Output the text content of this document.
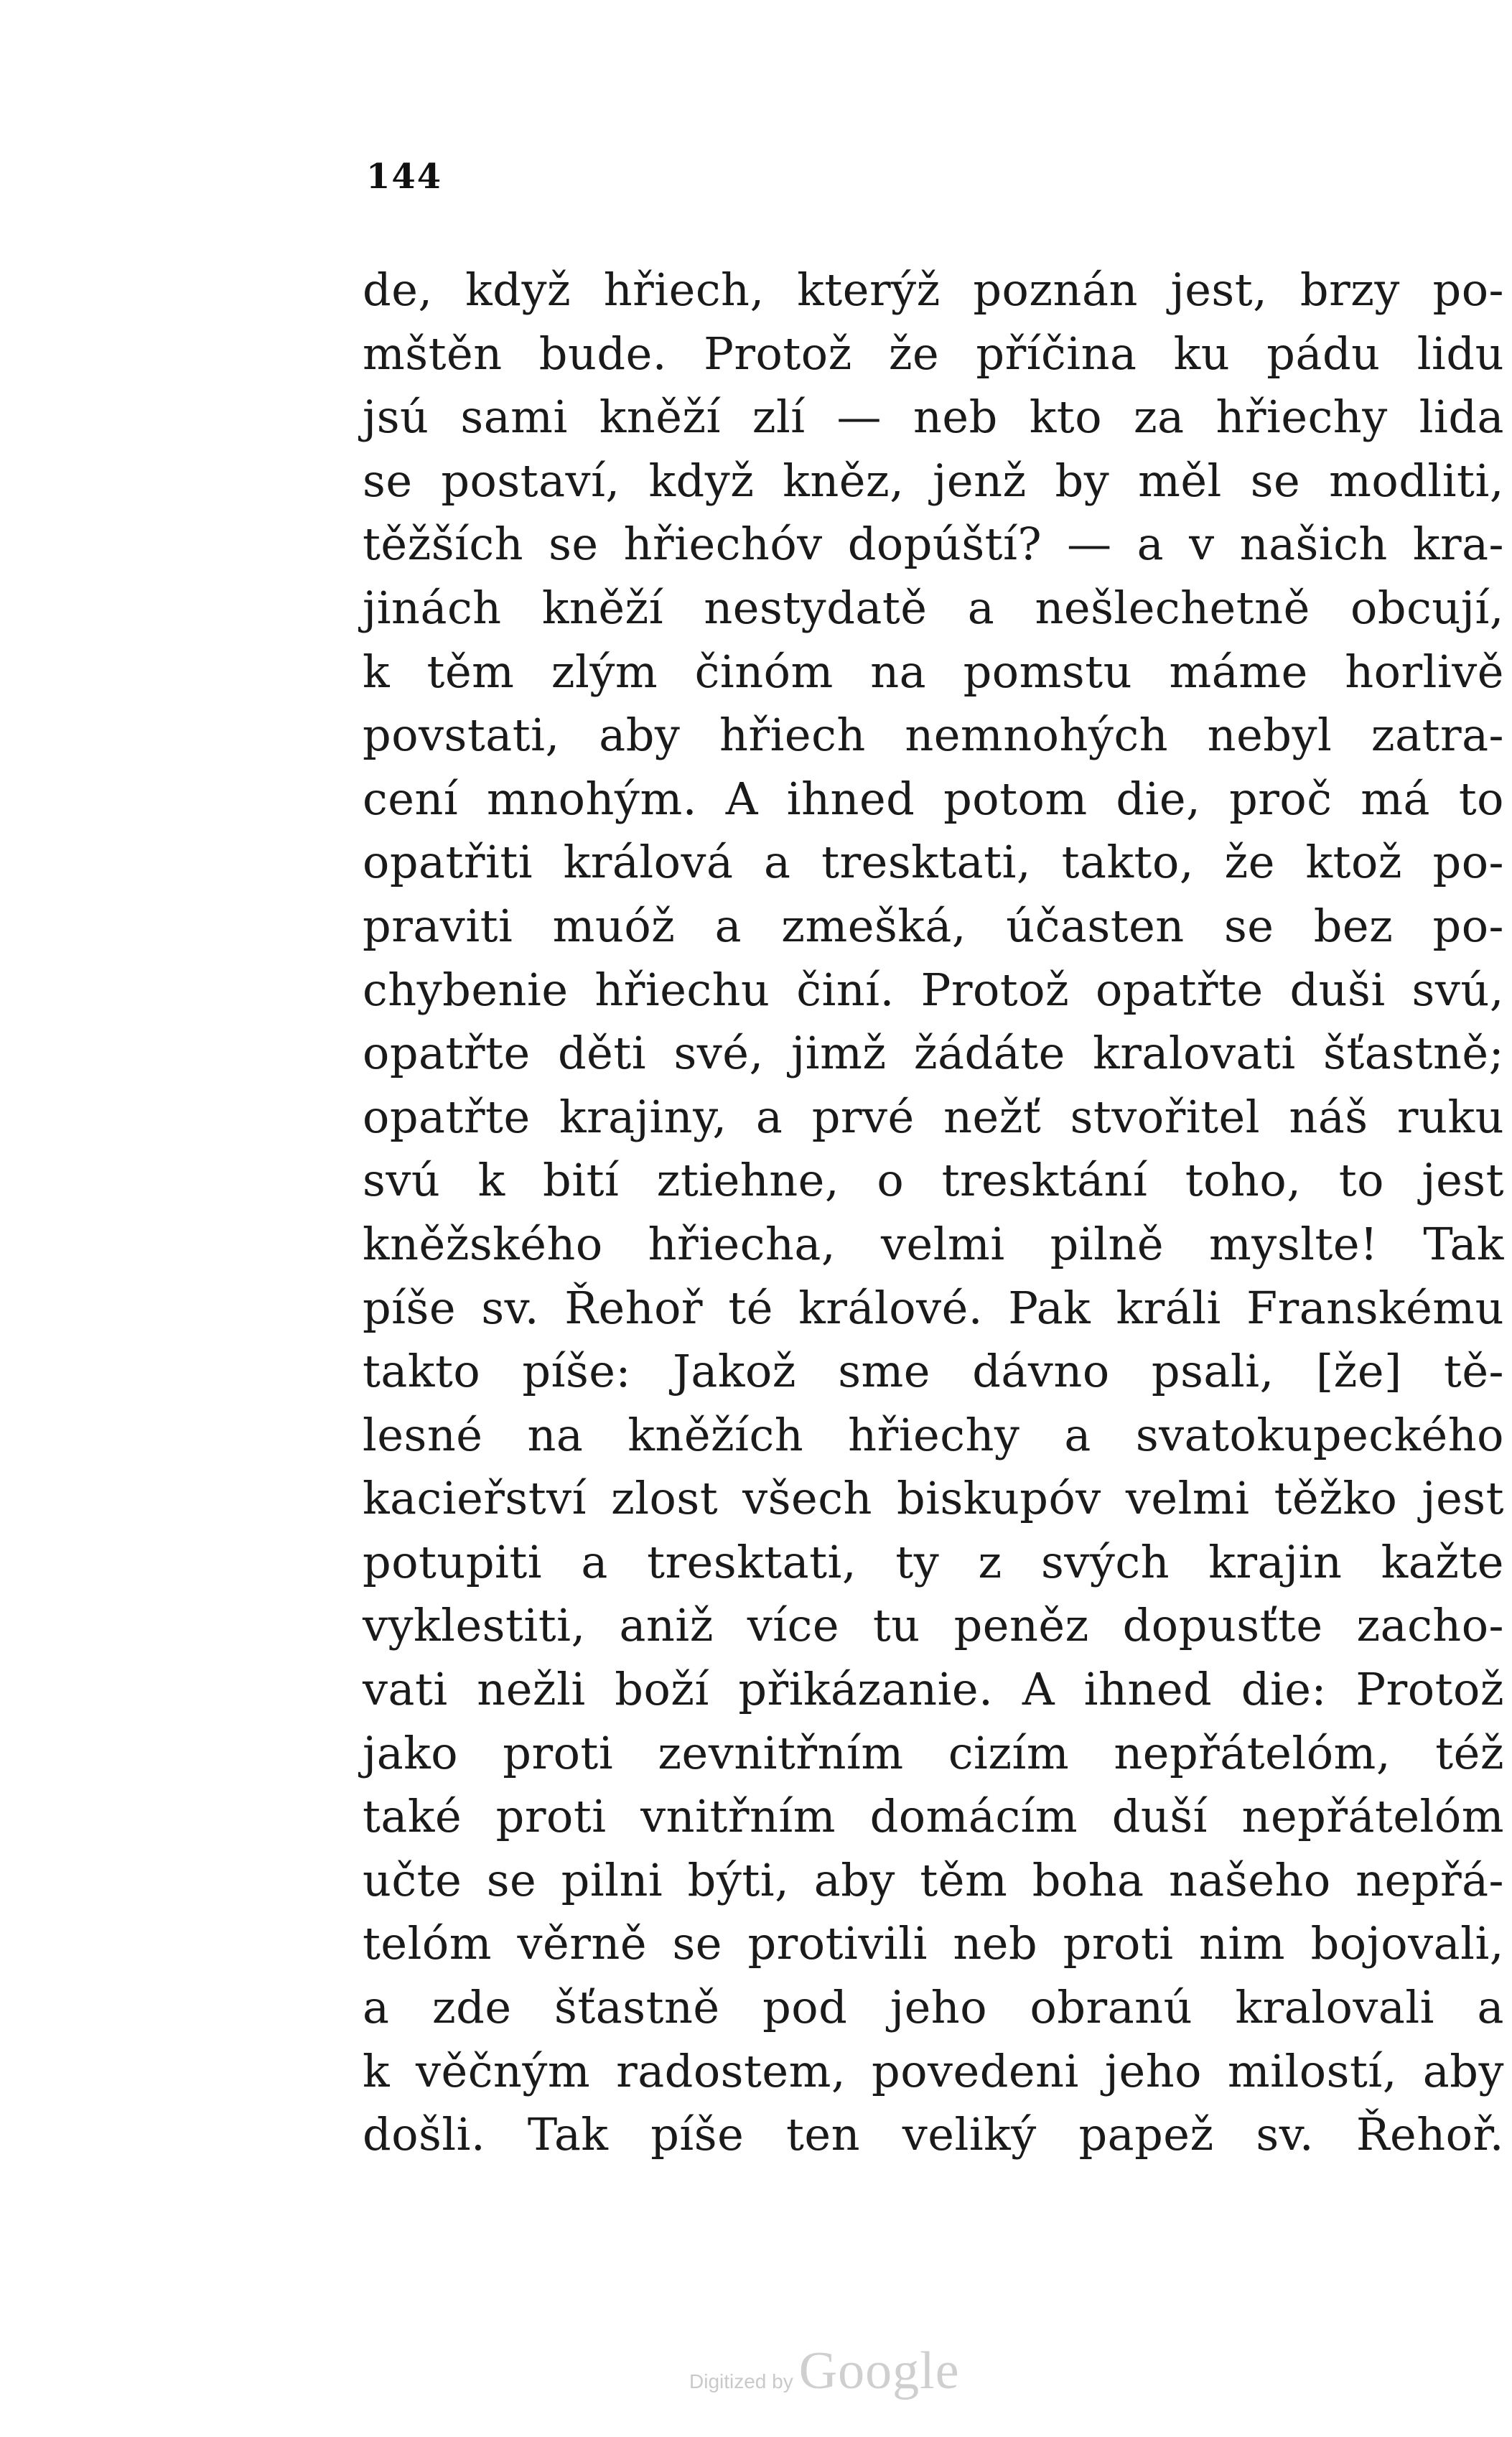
144
de, když hřiech, kterýž poznán jest, brzy po-
mštěn bude. Protož že příčina ku pádu lidu
jsú sami kněží zlí — neb kto za hřiechy lida
se postaví, když kněz, jenž by měl se modliti,
těžších se hřiechóv dopúští? — a v našich kra-
jinách kněží nestydatě a nešlechetně obcují,
k těm zlým činóm na pomstu máme horlivě
povstati, aby hřiech nemnohých nebyl zatra-
cení mnohým. A ihned potom die, proč má to
opatřiti králová a tresktati, takto, že ktož po-
praviti muóž a zmešká, účasten se bez po-
chybenie hřiechu činí. Protož opatřte duši svú,
opatřte děti své, jimž žádáte kralovati šťastně;
opatřte krajiny, a prvé nežť stvořitel náš ruku
svú k bití ztiehne, o tresktání toho, to jest
kněžského hřiecha, velmi pilně myslte! Tak
píše sv. Řehoř té králové. Pak králi Franskému
takto píše: Jakož sme dávno psali, [že] tě-
lesné na kněžích hřiechy a svatokupeckého
kacieřství zlost všech biskupóv velmi těžko jest
potupiti a tresktati, ty z svých krajin kažte
vyklestiti, aniž více tu peněz dopusťte zacho-
vati nežli boží přikázanie. A ihned die: Protož
jako proti zevnitřním cizím nepřátelóm, též
také proti vnitřním domácím duší nepřátelóm
učte se pilni býti, aby těm boha našeho nepřá-
telóm věrně se protivili neb proti nim bojovali,
a zde šťastně pod jeho obranú kralovali a
k věčným radostem, povedeni jeho milostí, aby
došli. Tak píše ten veliký papež sv. Řehoř.
Digitized by Google
